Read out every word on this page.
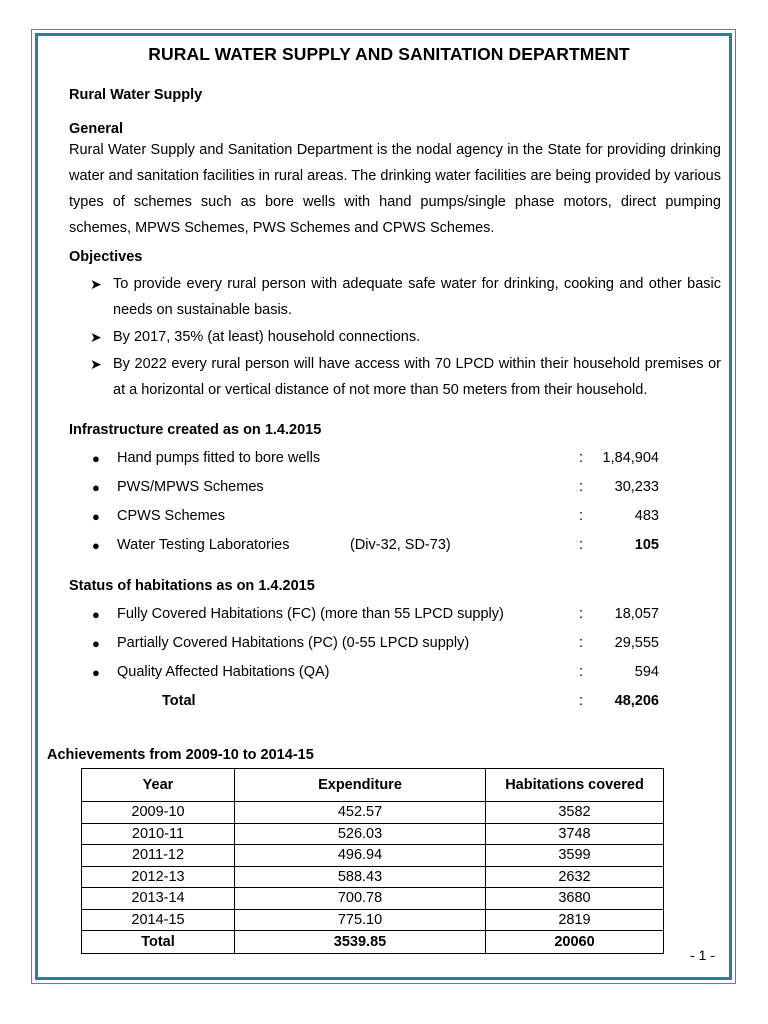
RURAL WATER SUPPLY AND SANITATION DEPARTMENT
Rural Water Supply
General

Rural Water Supply and Sanitation Department is the nodal agency in the State for providing drinking water and sanitation facilities in rural areas. The drinking water facilities are being provided by various types of schemes such as bore wells with hand pumps/single phase motors, direct pumping schemes, MPWS Schemes, PWS Schemes and CPWS Schemes.

Objectives
➤ To provide every rural person with adequate safe water for drinking, cooking and other basic needs on sustainable basis.
➤ By 2017, 35% (at least) household connections.
➤ By 2022 every rural person will have access with 70 LPCD within their household premises or at a horizontal or vertical distance of not more than 50 meters from their household.
Infrastructure created as on 1.4.2015
● Hand pumps fitted to bore wells	:	1,84,904
● PWS/MPWS Schemes	:	30,233
● CPWS Schemes	:	483
● Water Testing Laboratories	(Div-32, SD-73)	:	105
Status of habitations as on 1.4.2015
● Fully Covered Habitations (FC) (more than 55 LPCD supply)	:	18,057
● Partially Covered Habitations (PC) (0-55 LPCD supply)	:	29,555
● Quality Affected Habitations (QA)	:	594
Total	:	48,206
Achievements from 2009-10 to 2014-15
Year	Expenditure	Habitations covered
2009-10	452.57	3582
2010-11	526.03	3748
2011-12	496.94	3599
2012-13	588.43	2632
2013-14	700.78	3680
2014-15	775.10	2819
Total	3539.85	20060
- 1 -
